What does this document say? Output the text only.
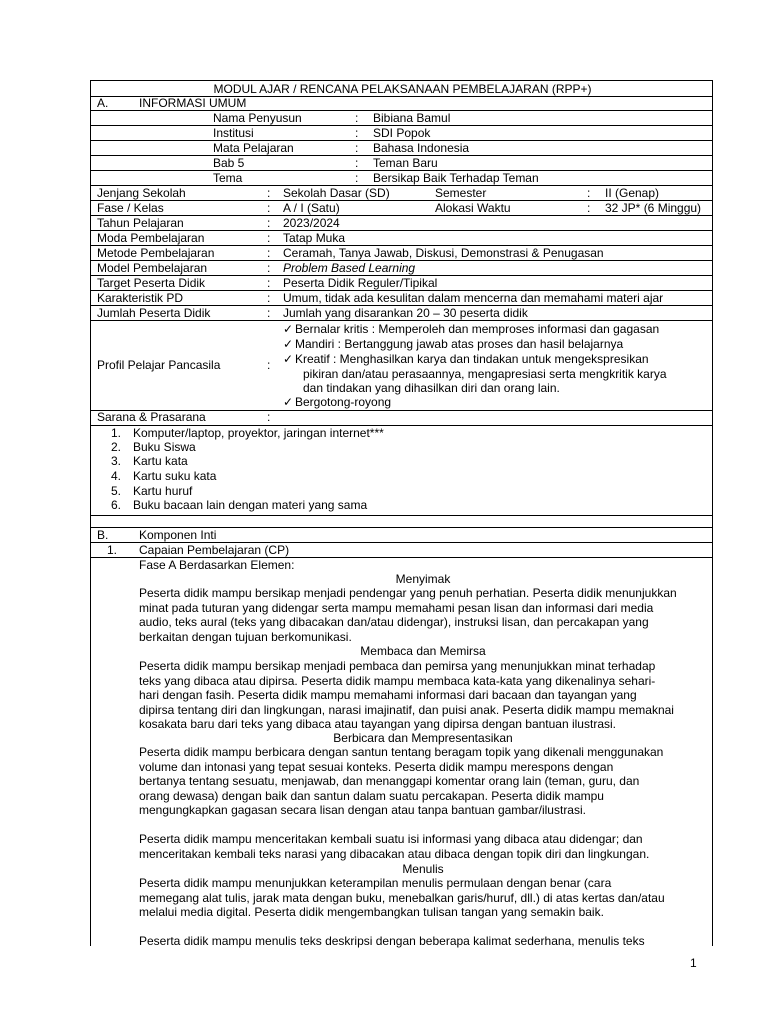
MODUL AJAR / RENCANA PELAKSANAAN PEMBELAJARAN (RPP+)
A.	INFORMASI UMUM
Nama Penyusun	: Bibiana Bamul
Institusi	: SDI Popok
Mata Pelajaran	: Bahasa Indonesia
Bab 5	: Teman Baru
Tema	: Bersikap Baik Terhadap Teman
Jenjang Sekolah	: Sekolah Dasar (SD)	Semester	: II (Genap)
Fase / Kelas	: A / I (Satu)	Alokasi Waktu	: 32 JP* (6 Minggu)
Tahun Pelajaran	: 2023/2024
Moda Pembelajaran	: Tatap Muka
Metode Pembelajaran	: Ceramah, Tanya Jawab, Diskusi, Demonstrasi & Penugasan
Model Pembelajaran	: Problem Based Learning
Target Peserta Didik	: Peserta Didik Reguler/Tipikal
Karakteristik PD	: Umum, tidak ada kesulitan dalam mencerna dan memahami materi ajar
Jumlah Peserta Didik	: Jumlah yang disarankan 20 – 30 peserta didik
Profil Pelajar Pancasila	:
✓ Bernalar kritis : Memperoleh dan memproses informasi dan gagasan
✓ Mandiri : Bertanggung jawab atas proses dan hasil belajarnya
✓ Kreatif : Menghasilkan karya dan tindakan untuk mengekspresikan
pikiran dan/atau perasaannya, mengapresiasi serta mengkritik karya
dan tindakan yang dihasilkan diri dan orang lain.
✓ Bergotong-royong
Sarana & Prasarana	:
1. Komputer/laptop, proyektor, jaringan internet***
2. Buku Siswa
3. Kartu kata
4. Kartu suku kata
5. Kartu huruf
6. Buku bacaan lain dengan materi yang sama
B.	Komponen Inti
1. Capaian Pembelajaran (CP)
Fase A Berdasarkan Elemen:
Menyimak
Peserta didik mampu bersikap menjadi pendengar yang penuh perhatian. Peserta didik menunjukkan
minat pada tuturan yang didengar serta mampu memahami pesan lisan dan informasi dari media
audio, teks aural (teks yang dibacakan dan/atau didengar), instruksi lisan, dan percakapan yang
berkaitan dengan tujuan berkomunikasi.
Membaca dan Memirsa
Peserta didik mampu bersikap menjadi pembaca dan pemirsa yang menunjukkan minat terhadap
teks yang dibaca atau dipirsa. Peserta didik mampu membaca kata-kata yang dikenalinya sehari-
hari dengan fasih. Peserta didik mampu memahami informasi dari bacaan dan tayangan yang
dipirsa tentang diri dan lingkungan, narasi imajinatif, dan puisi anak. Peserta didik mampu memaknai
kosakata baru dari teks yang dibaca atau tayangan yang dipirsa dengan bantuan ilustrasi.
Berbicara dan Mempresentasikan
Peserta didik mampu berbicara dengan santun tentang beragam topik yang dikenali menggunakan
volume dan intonasi yang tepat sesuai konteks. Peserta didik mampu merespons dengan
bertanya tentang sesuatu, menjawab, dan menanggapi komentar orang lain (teman, guru, dan
orang dewasa) dengan baik dan santun dalam suatu percakapan. Peserta didik mampu
mengungkapkan gagasan secara lisan dengan atau tanpa bantuan gambar/ilustrasi.
Peserta didik mampu menceritakan kembali suatu isi informasi yang dibaca atau didengar; dan
menceritakan kembali teks narasi yang dibacakan atau dibaca dengan topik diri dan lingkungan.
Menulis
Peserta didik mampu menunjukkan keterampilan menulis permulaan dengan benar (cara
memegang alat tulis, jarak mata dengan buku, menebalkan garis/huruf, dll.) di atas kertas dan/atau
melalui media digital. Peserta didik mengembangkan tulisan tangan yang semakin baik.
Peserta didik mampu menulis teks deskripsi dengan beberapa kalimat sederhana, menulis teks
1
